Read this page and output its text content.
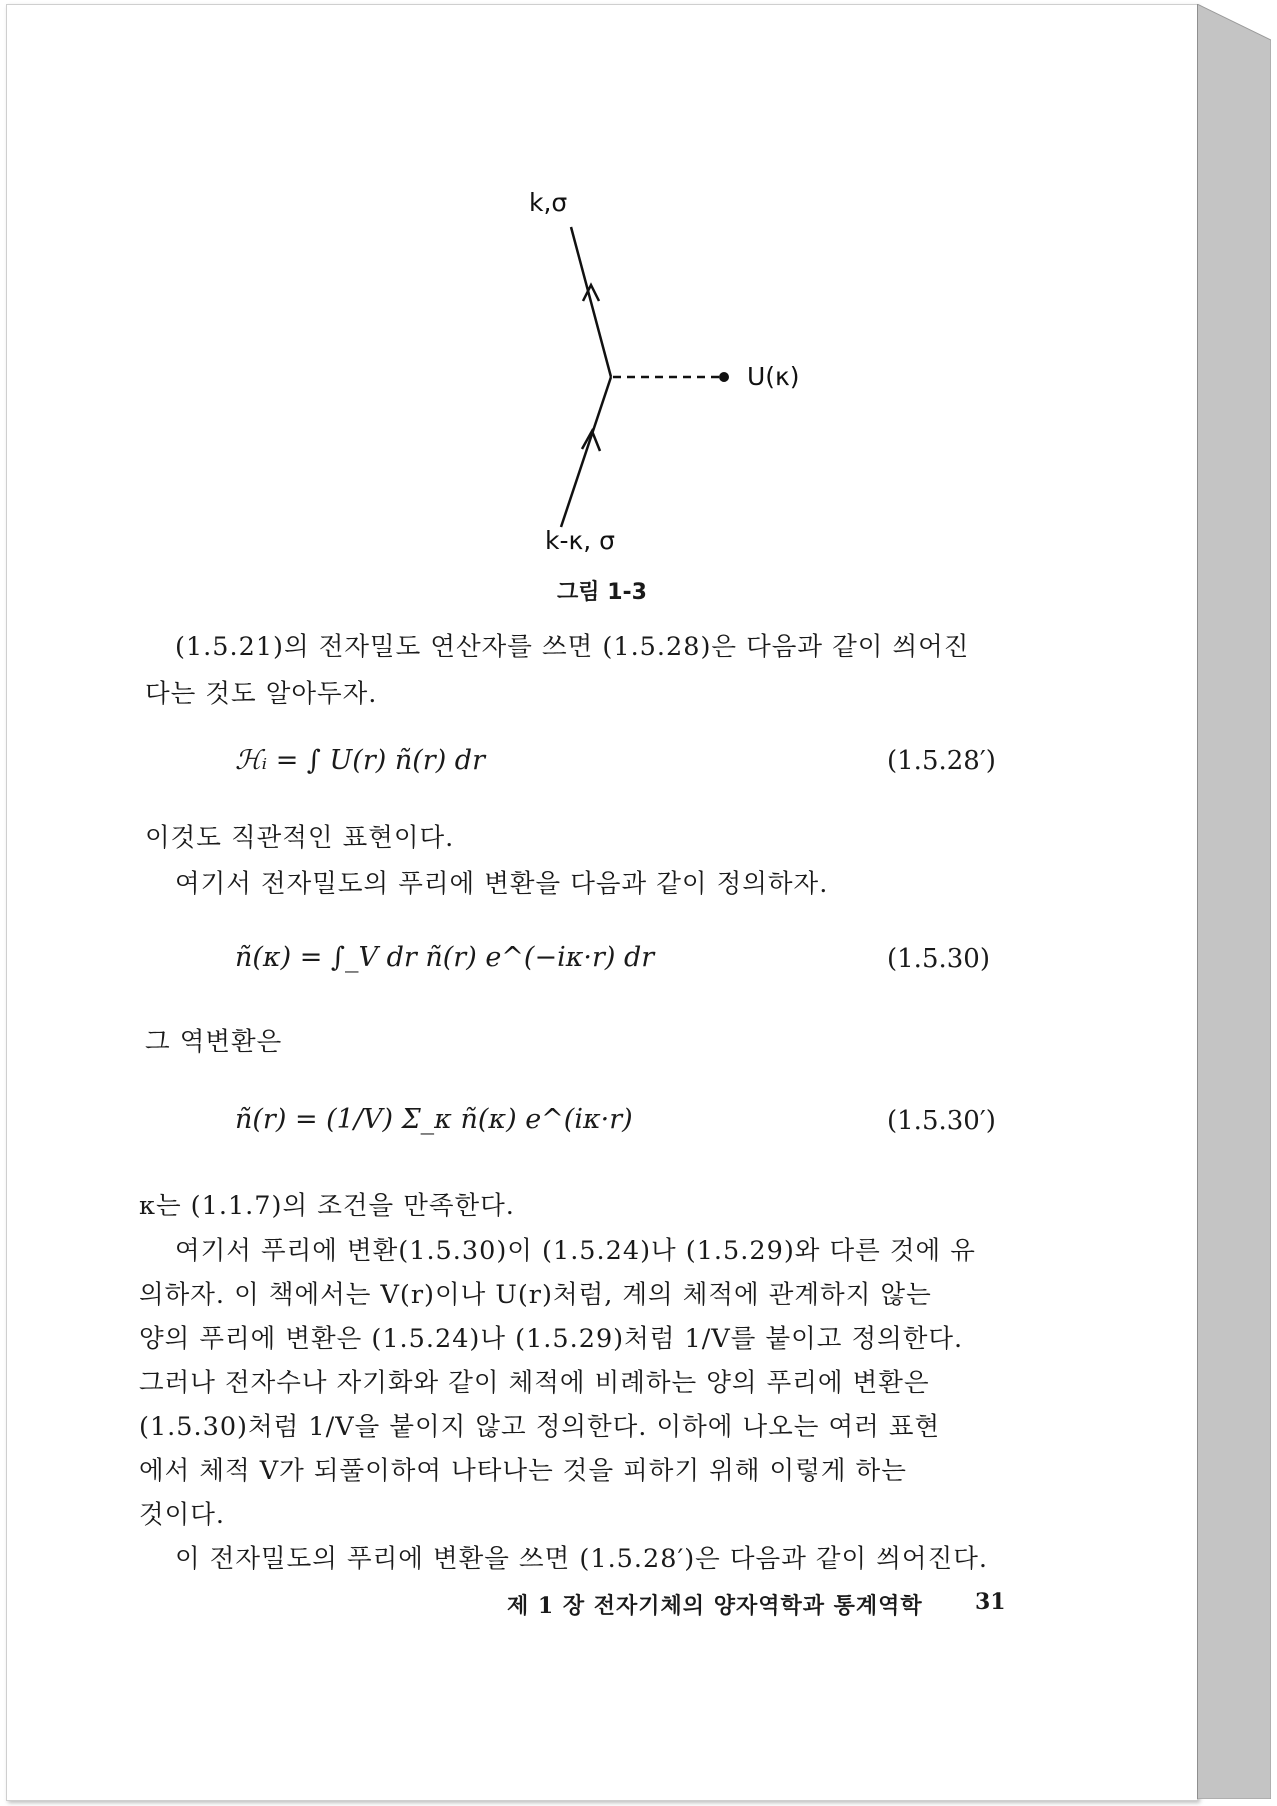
k,σ
U(κ)
k-κ, σ
그림 1-3
(1.5.21)의 전자밀도 연산자를 쓰면 (1.5.28)은 다음과 같이 씌어진
다는 것도 알아두자.
ℋᵢ = ∫ U(r) ñ(r) dr	(1.5.28′)
이것도 직관적인 표현이다.
여기서 전자밀도의 푸리에 변환을 다음과 같이 정의하자.
ñ(κ) = ∫_V dr ñ(r) e^(−iκ·r) dr	(1.5.30)
그 역변환은
ñ(r) = (1/V) Σ_κ ñ(κ) e^(iκ·r)	(1.5.30′)
κ는 (1.1.7)의 조건을 만족한다.
여기서 푸리에 변환(1.5.30)이 (1.5.24)나 (1.5.29)와 다른 것에 유
의하자. 이 책에서는 V(r)이나 U(r)처럼, 계의 체적에 관계하지 않는
양의 푸리에 변환은 (1.5.24)나 (1.5.29)처럼 1/V를 붙이고 정의한다.
그러나 전자수나 자기화와 같이 체적에 비례하는 양의 푸리에 변환은
(1.5.30)처럼 1/V을 붙이지 않고 정의한다. 이하에 나오는 여러 표현
에서 체적 V가 되풀이하여 나타나는 것을 피하기 위해 이렇게 하는
것이다.
이 전자밀도의 푸리에 변환을 쓰면 (1.5.28′)은 다음과 같이 씌어진다.
제 1 장 전자기체의 양자역학과 통계역학 31
